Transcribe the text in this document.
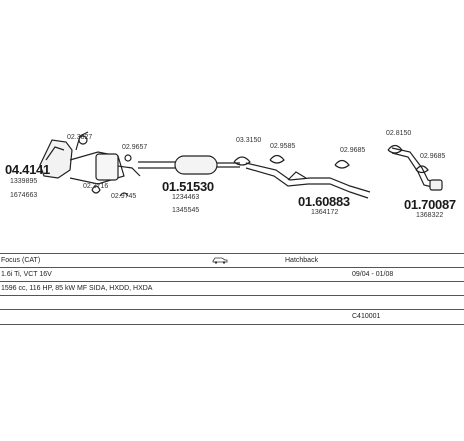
04.4141
1339895
1674663
01.51530
1234463
1345545
01.60883
1364172
01.70087
1368322
02.3827
02.3716
02.9657
02.9745
03.3150
02.9585
02.9685
02.8150
02.9685
Focus (CAT)	Hatchback
1.6i Ti, VCT 16V	09/04 - 01/08
1596 cc, 116 HP, 85 kW MF SIDA, HXDD, HXDA
C410001
